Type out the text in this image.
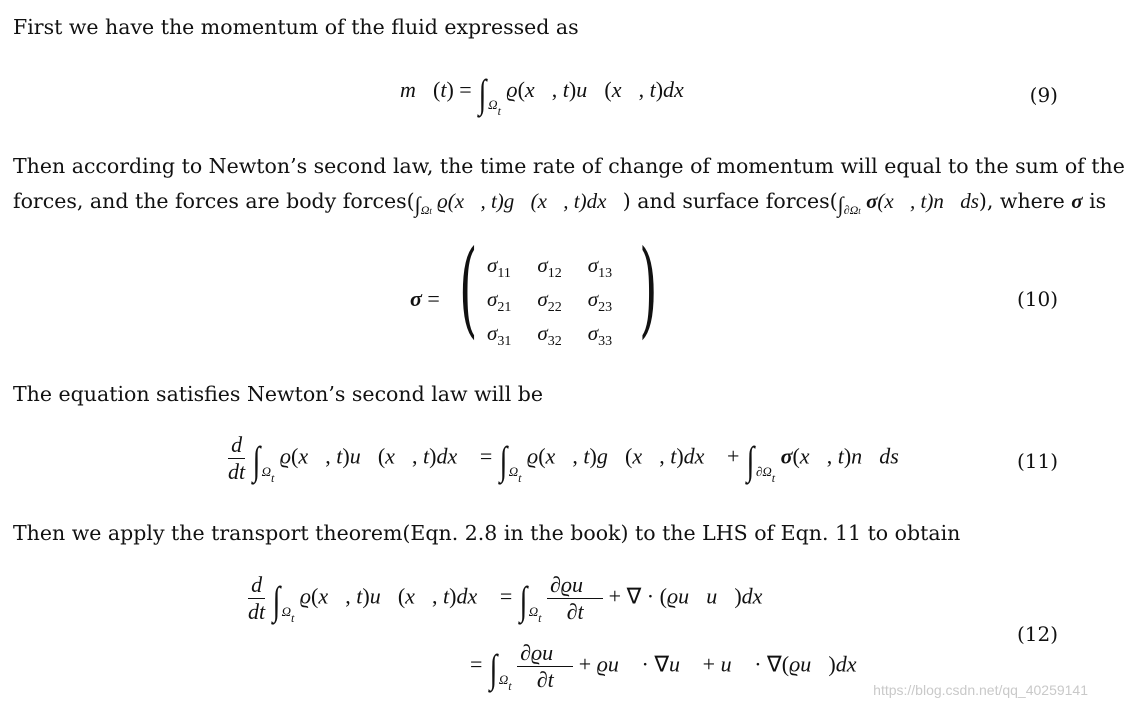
First we have the momentum of the fluid expressed as
m⃗(t) = ∫ $_{\Omega t}$ ϱ(x⃗, t)u⃗(x⃗, t)dx⃗	(9)
Then according to Newton’s second law, the time rate of change of momentum will equal to the sum of the
forces, and the forces are body $forces(\int_{\Omega t}$ ϱ(x⃗, t)g⃗(x⃗, t)dx⃗) and surface $forces(\int_{\partial\Omega t}$ σ(x⃗, t)n⃗ds), where σ is
σ = ( $\sigma_{11}$	$\sigma_{12}$	$\sigma_{13}$
$\sigma_{21}$	$\sigma_{22}$	$\sigma_{23}$
$\sigma_{31}$	$\sigma_{32}$	$\sigma_{33}$ )	(10)
The equation satisfies Newton’s second law will be
$\frac{d}{dt}$ ∫ $_{\Omega t}$ ϱ(x⃗, t)u⃗(x⃗, t)dx⃗ = ∫ $_{\Omega t}$ ϱ(x⃗, t)g⃗(x⃗, t)dx⃗ + ∫ $_{\partial\Omega t}$ σ(x⃗, t)n⃗ds	(11)
Then we apply the transport theorem(Eqn. 2.8 in the book) to the LHS of Eqn. 11 to obtain
$\frac{d}{dt}$ ∫ $_{\Omega t}$ ϱ(x⃗, t)u⃗(x⃗, t)dx⃗ = ∫ $_{\Omega t} \frac{\partial ϱu⃗}{\partial t}$ + ∇ · (ϱu⃗u⃗)dx⃗
= ∫ $_{\Omega t} \frac{\partial ϱu⃗}{\partial t}$ + ϱu⃗ · ∇u⃗ + u⃗ · ∇(ϱu⃗)dx⃗
(12)
https://blog.csdn.net/qq_40259141
